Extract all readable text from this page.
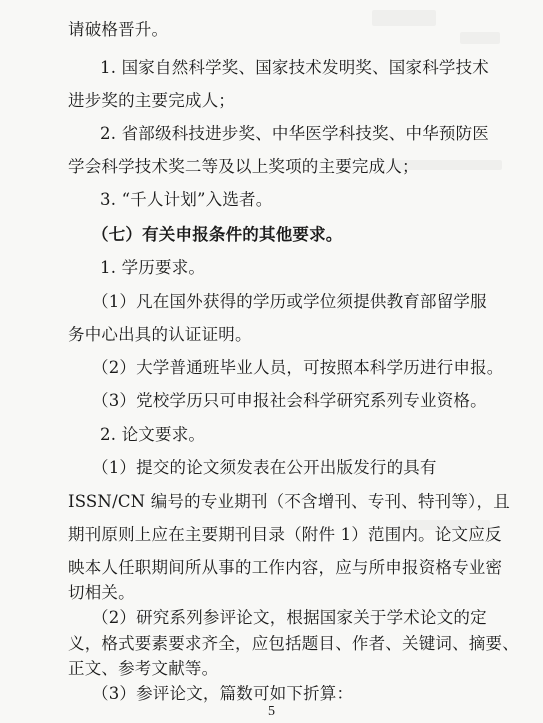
请破格晋升。
1. 国家自然科学奖、国家技术发明奖、国家科学技术
进步奖的主要完成人；
2. 省部级科技进步奖、中华医学科技奖、中华预防医
学会科学技术奖二等及以上奖项的主要完成人；
3. “千人计划”入选者。
（七）有关申报条件的其他要求。
1. 学历要求。
（1）凡在国外获得的学历或学位须提供教育部留学服
务中心出具的认证证明。
（2）大学普通班毕业人员，可按照本科学历进行申报。
（3）党校学历只可申报社会科学研究系列专业资格。
2. 论文要求。
（1）提交的论文须发表在公开出版发行的具有
ISSN/CN 编号的专业期刊（不含增刊、专刊、特刊等），且
期刊原则上应在主要期刊目录（附件 1）范围内。论文应反
映本人任职期间所从事的工作内容，应与所申报资格专业密
切相关。
（2）研究系列参评论文，根据国家关于学术论文的定
义，格式要素要求齐全，应包括题目、作者、关键词、摘要、
5
正文、参考文献等。
（3）参评论文，篇数可如下折算：
